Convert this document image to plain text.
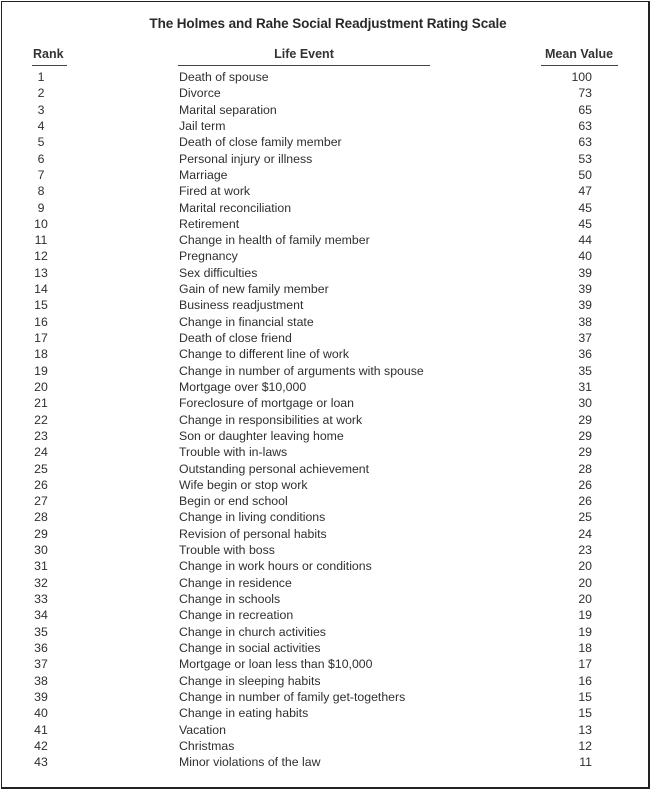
The Holmes and Rahe Social Readjustment Rating Scale
Rank	Life Event	Mean Value
1	Death of spouse	100
2	Divorce	73
3	Marital separation	65
4	Jail term	63
5	Death of close family member	63
6	Personal injury or illness	53
7	Marriage	50
8	Fired at work	47
9	Marital reconciliation	45
10	Retirement	45
11	Change in health of family member	44
12	Pregnancy	40
13	Sex difficulties	39
14	Gain of new family member	39
15	Business readjustment	39
16	Change in financial state	38
17	Death of close friend	37
18	Change to different line of work	36
19	Change in number of arguments with spouse	35
20	Mortgage over $10,000	31
21	Foreclosure of mortgage or loan	30
22	Change in responsibilities at work	29
23	Son or daughter leaving home	29
24	Trouble with in-laws	29
25	Outstanding personal achievement	28
26	Wife begin or stop work	26
27	Begin or end school	26
28	Change in living conditions	25
29	Revision of personal habits	24
30	Trouble with boss	23
31	Change in work hours or conditions	20
32	Change in residence	20
33	Change in schools	20
34	Change in recreation	19
35	Change in church activities	19
36	Change in social activities	18
37	Mortgage or loan less than $10,000	17
38	Change in sleeping habits	16
39	Change in number of family get-togethers	15
40	Change in eating habits	15
41	Vacation	13
42	Christmas	12
43	Minor violations of the law	11
